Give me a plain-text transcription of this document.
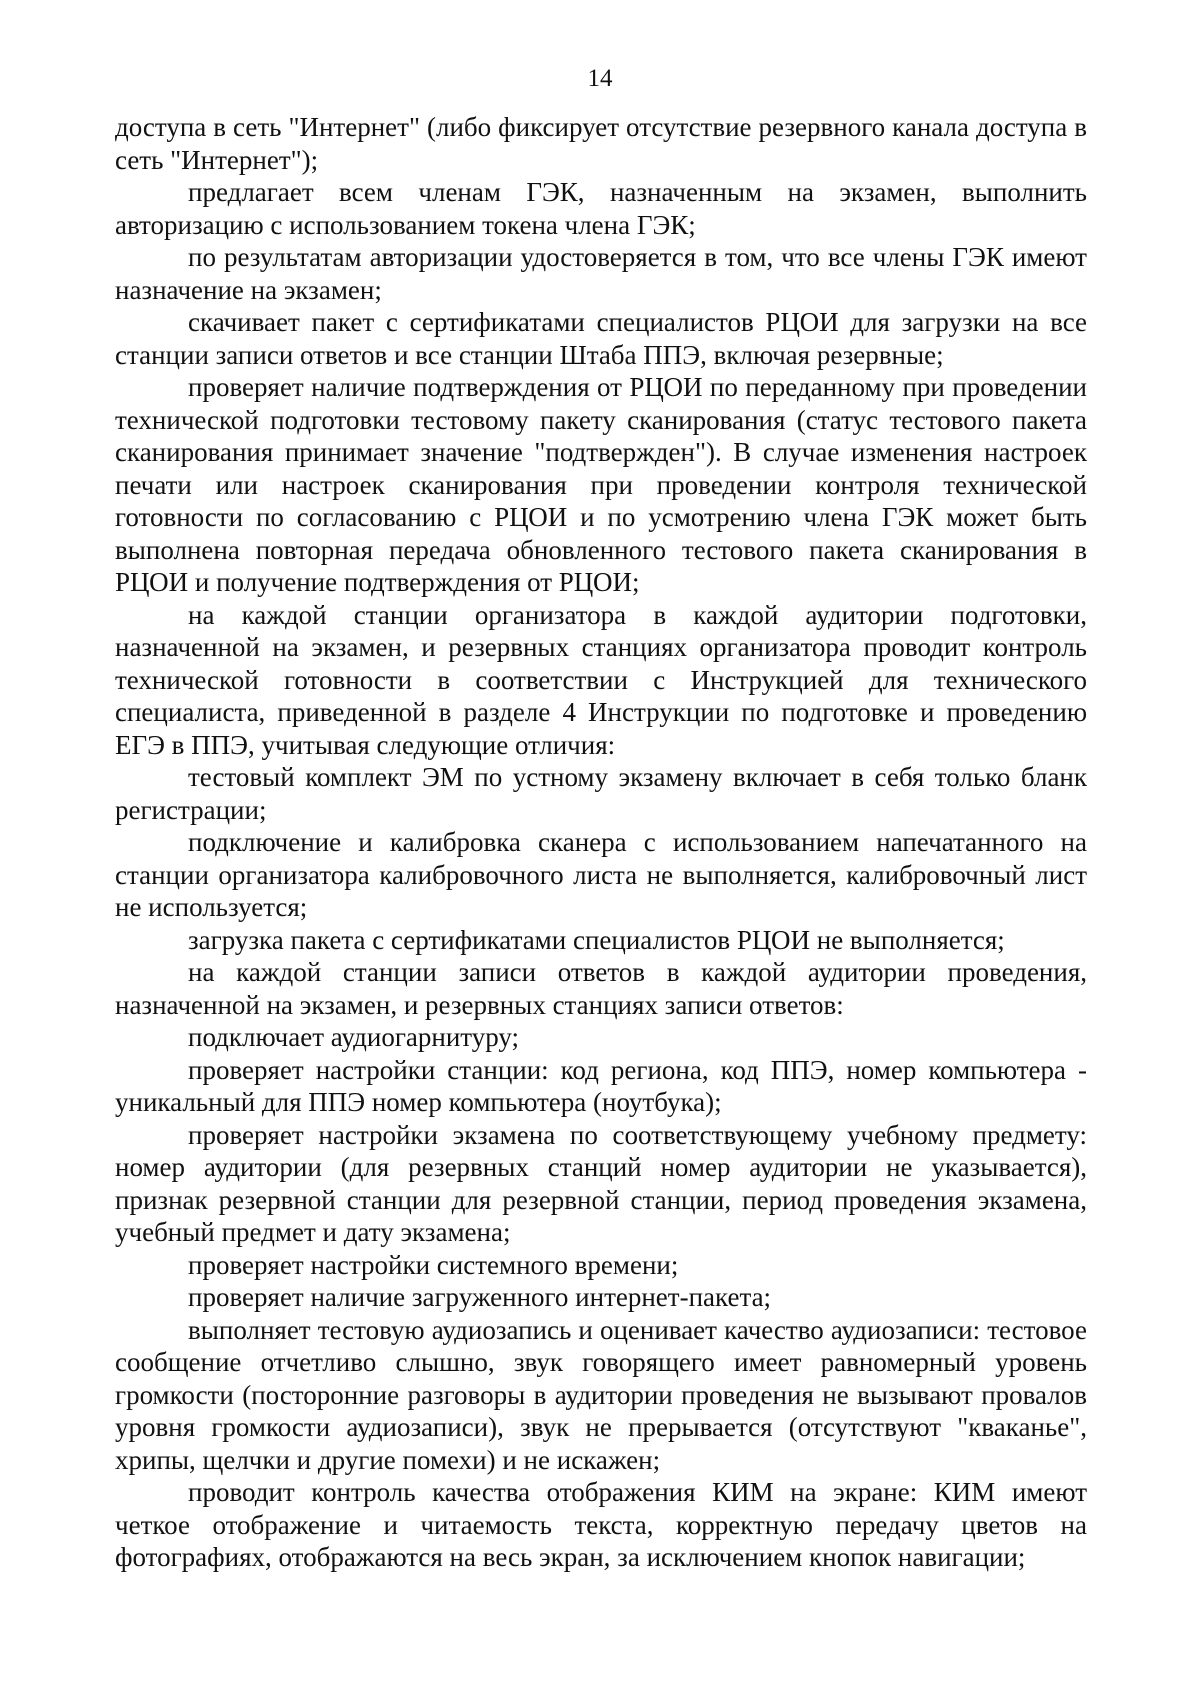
14

доступа в сеть "Интернет" (либо фиксирует отсутствие резервного канала доступа в сеть "Интернет");

предлагает всем членам ГЭК, назначенным на экзамен, выполнить авторизацию с использованием токена члена ГЭК;

по результатам авторизации удостоверяется в том, что все члены ГЭК имеют назначение на экзамен;

скачивает пакет с сертификатами специалистов РЦОИ для загрузки на все станции записи ответов и все станции Штаба ППЭ, включая резервные;

проверяет наличие подтверждения от РЦОИ по переданному при проведении технической подготовки тестовому пакету сканирования (статус тестового пакета сканирования принимает значение "подтвержден"). В случае изменения настроек печати или настроек сканирования при проведении контроля технической готовности по согласованию с РЦОИ и по усмотрению члена ГЭК может быть выполнена повторная передача обновленного тестового пакета сканирования в РЦОИ и получение подтверждения от РЦОИ;

на каждой станции организатора в каждой аудитории подготовки, назначенной на экзамен, и резервных станциях организатора проводит контроль технической готовности в соответствии с Инструкцией для технического специалиста, приведенной в разделе 4 Инструкции по подготовке и проведению ЕГЭ в ППЭ, учитывая следующие отличия:

тестовый комплект ЭМ по устному экзамену включает в себя только бланк регистрации;

подключение и калибровка сканера с использованием напечатанного на станции организатора калибровочного листа не выполняется, калибровочный лист не используется;

загрузка пакета с сертификатами специалистов РЦОИ не выполняется;

на каждой станции записи ответов в каждой аудитории проведения, назначенной на экзамен, и резервных станциях записи ответов:

подключает аудиогарнитуру;

проверяет настройки станции: код региона, код ППЭ, номер компьютера - уникальный для ППЭ номер компьютера (ноутбука);

проверяет настройки экзамена по соответствующему учебному предмету: номер аудитории (для резервных станций номер аудитории не указывается), признак резервной станции для резервной станции, период проведения экзамена, учебный предмет и дату экзамена;

проверяет настройки системного времени;

проверяет наличие загруженного интернет-пакета;

выполняет тестовую аудиозапись и оценивает качество аудиозаписи: тестовое сообщение отчетливо слышно, звук говорящего имеет равномерный уровень громкости (посторонние разговоры в аудитории проведения не вызывают провалов уровня громкости аудиозаписи), звук не прерывается (отсутствуют "кваканье", хрипы, щелчки и другие помехи) и не искажен;

проводит контроль качества отображения КИМ на экране: КИМ имеют четкое отображение и читаемость текста, корректную передачу цветов на фотографиях, отображаются на весь экран, за исключением кнопок навигации;
